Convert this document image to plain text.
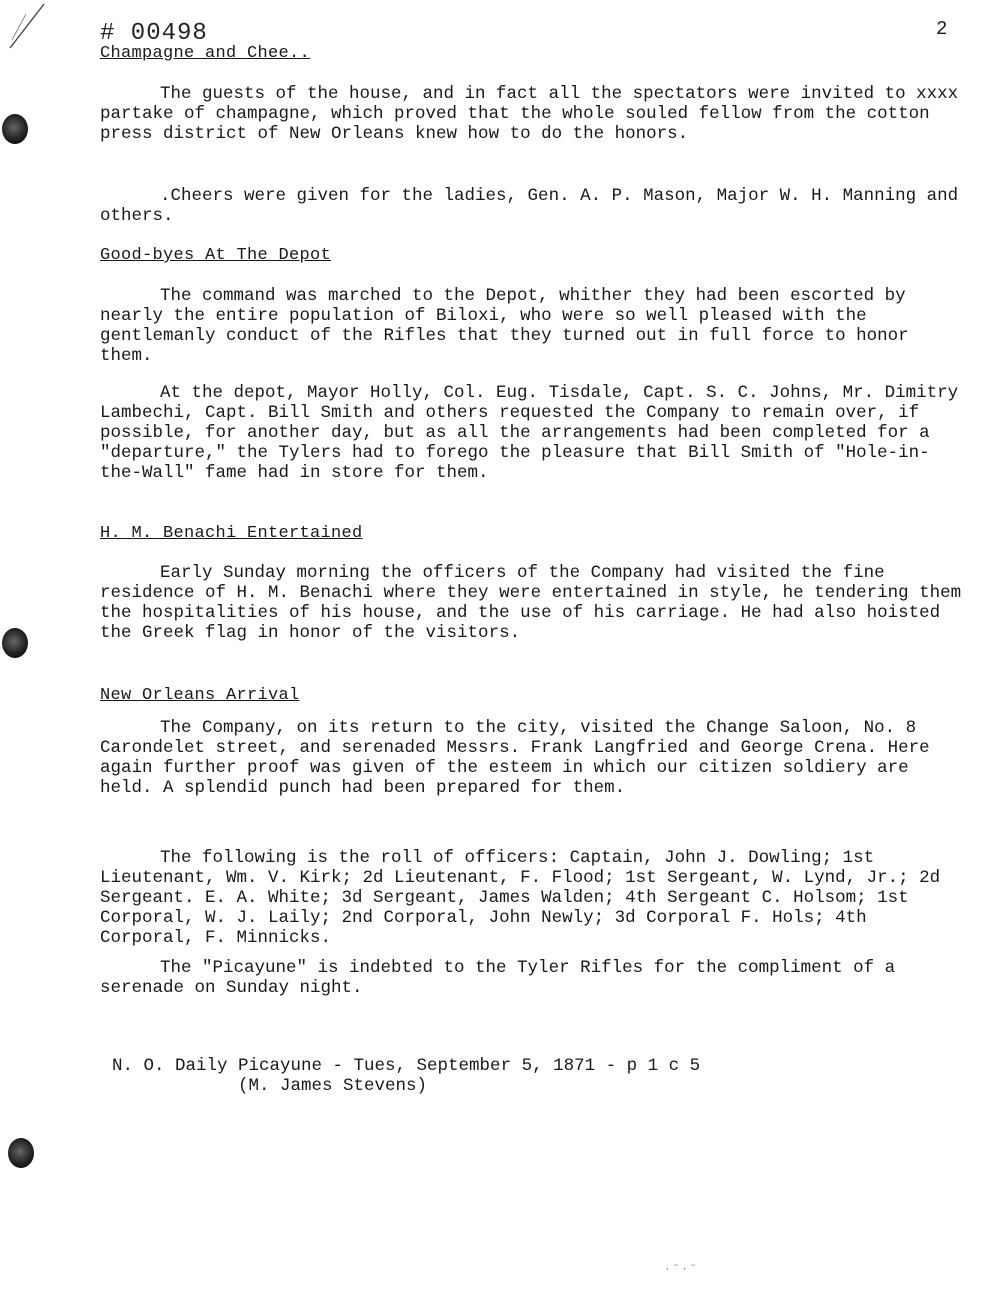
# 00498	2
Champagne and Chee..

The guests of the house, and in fact all the spectators were invited to xxxx partake of champagne, which proved that the whole souled fellow from the cotton press district of New Orleans knew how to do the honors.

.Cheers were given for the ladies, Gen. A. P. Mason, Major W. H. Manning and others.

Good-byes At The Depot

The command was marched to the Depot, whither they had been escorted by nearly the entire population of Biloxi, who were so well pleased with the gentlemanly conduct of the Rifles that they turned out in full force to honor them.

At the depot, Mayor Holly, Col. Eug. Tisdale, Capt. S. C. Johns, Mr. Dimitry Lambechi, Capt. Bill Smith and others requested the Company to remain over, if possible, for another day, but as all the arrangements had been completed for a "departure," the Tylers had to forego the pleasure that Bill Smith of "Hole-in-the-Wall" fame had in store for them.

H. M. Benachi Entertained

Early Sunday morning the officers of the Company had visited the fine residence of H. M. Benachi where they were entertained in style, he tendering them the hospitalities of his house, and the use of his carriage. He had also hoisted the Greek flag in honor of the visitors.

New Orleans Arrival

The Company, on its return to the city, visited the Change Saloon, No. 8 Carondelet street, and serenaded Messrs. Frank Langfried and George Crena. Here again further proof was given of the esteem in which our citizen soldiery are held. A splendid punch had been prepared for them.

The following is the roll of officers: Captain, John J. Dowling; 1st Lieutenant, Wm. V. Kirk; 2d Lieutenant, F. Flood; 1st Sergeant, W. Lynd, Jr.; 2d Sergeant. E. A. White; 3d Sergeant, James Walden; 4th Sergeant C. Holsom; 1st Corporal, W. J. Laily; 2nd Corporal, John Newly; 3d Corporal F. Hols; 4th Corporal, F. Minnicks.

The "Picayune" is indebted to the Tyler Rifles for the compliment of a serenade on Sunday night.

N. O. Daily Picayune - Tues, September 5, 1871 - p 1 c 5
(M. James Stevens)

·˜·˜
